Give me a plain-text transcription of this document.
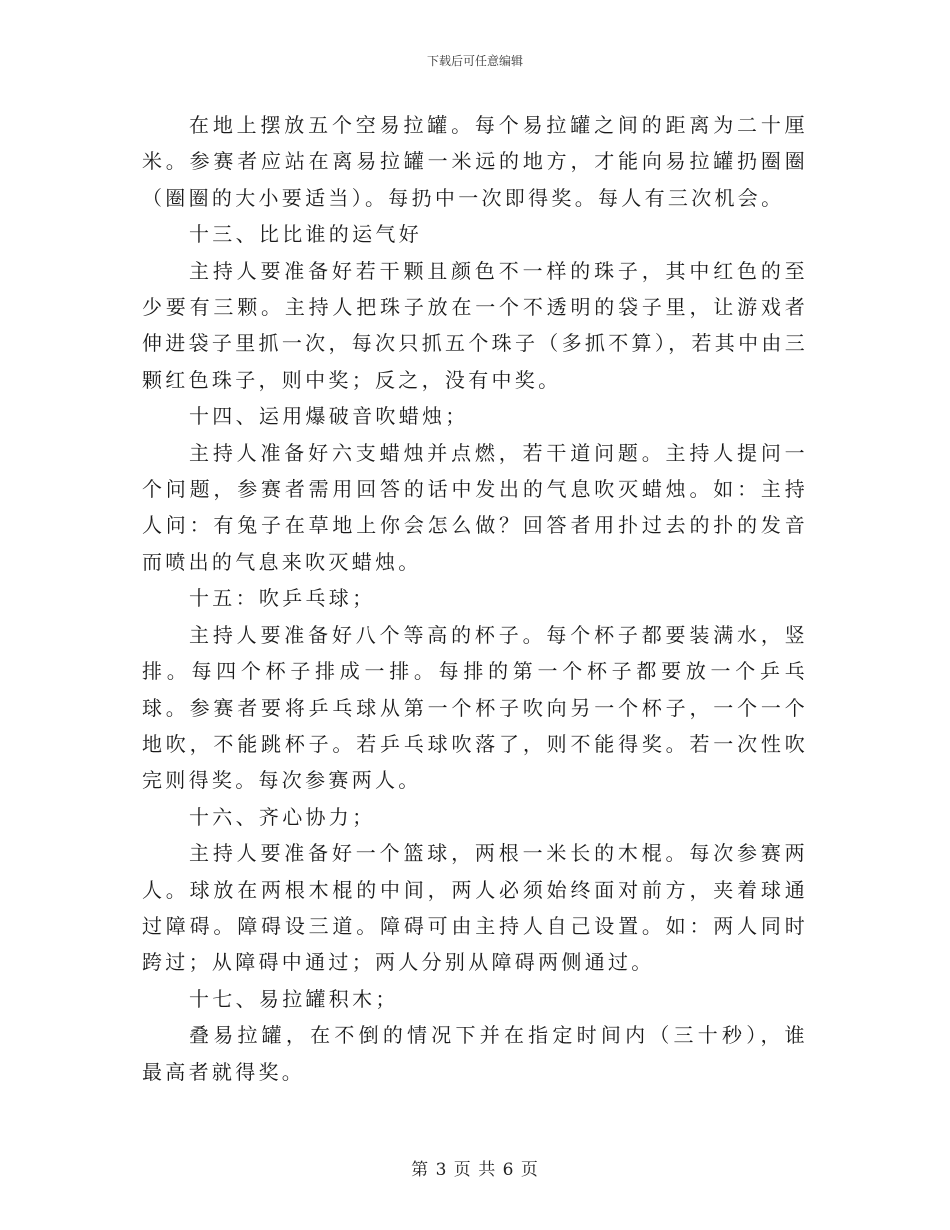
下载后可任意编辑

在地上摆放五个空易拉罐。每个易拉罐之间的距离为二十厘米。参赛者应站在离易拉罐一米远的地方，才能向易拉罐扔圈圈（圈圈的大小要适当）。每扔中一次即得奖。每人有三次机会。

十三、比比谁的运气好

主持人要准备好若干颗且颜色不一样的珠子，其中红色的至少要有三颗。主持人把珠子放在一个不透明的袋子里，让游戏者伸进袋子里抓一次，每次只抓五个珠子（多抓不算），若其中由三颗红色珠子，则中奖；反之，没有中奖。

十四、运用爆破音吹蜡烛；

主持人准备好六支蜡烛并点燃，若干道问题。主持人提问一个问题，参赛者需用回答的话中发出的气息吹灭蜡烛。如：主持人问：有兔子在草地上你会怎么做？回答者用扑过去的扑的发音而喷出的气息来吹灭蜡烛。

十五：吹乒乓球；

主持人要准备好八个等高的杯子。每个杯子都要装满水，竖排。每四个杯子排成一排。每排的第一个杯子都要放一个乒乓球。参赛者要将乒乓球从第一个杯子吹向另一个杯子，一个一个地吹，不能跳杯子。若乒乓球吹落了，则不能得奖。若一次性吹完则得奖。每次参赛两人。

十六、齐心协力；

主持人要准备好一个篮球，两根一米长的木棍。每次参赛两人。球放在两根木棍的中间，两人必须始终面对前方，夹着球通过障碍。障碍设三道。障碍可由主持人自己设置。如：两人同时跨过；从障碍中通过；两人分别从障碍两侧通过。

十七、易拉罐积木；

叠易拉罐，在不倒的情况下并在指定时间内（三十秒），谁最高者就得奖。

第 3 页 共 6 页
